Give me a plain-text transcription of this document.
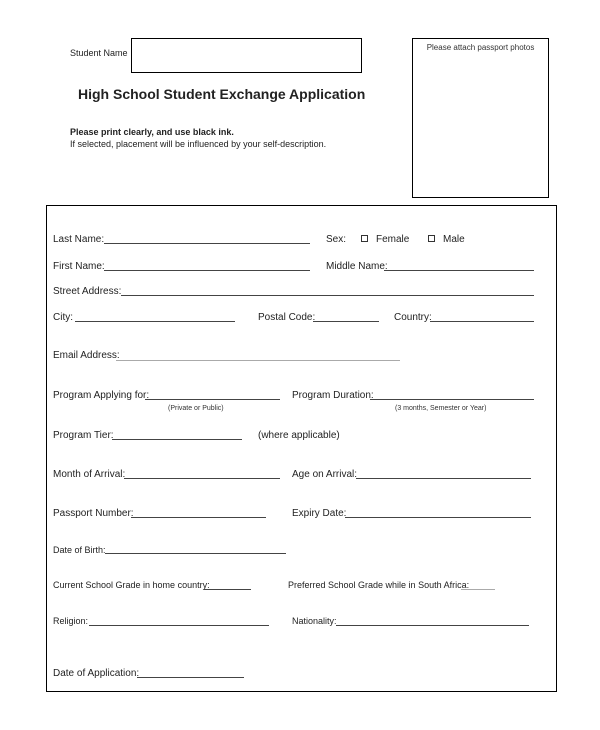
Student Name
Please attach passport photos
High School Student Exchange Application
Please print clearly, and use black ink.
If selected, placement will be influenced by your self-description.
Last Name:	Sex:	Female	Male
First Name:	Middle Name:
Street Address:
City:	Postal Code:	Country:
Email Address:
Program Applying for:
(Private or Public)
Program Duration:
(3 months, Semester or Year)
Program Tier:	(where applicable)
Month of Arrival:	Age on Arrival:
Passport Number:	Expiry Date:
Date of Birth:
Current School Grade in home country:	Preferred School Grade while in South Africa:
Religion:	Nationality:
Date of Application:
